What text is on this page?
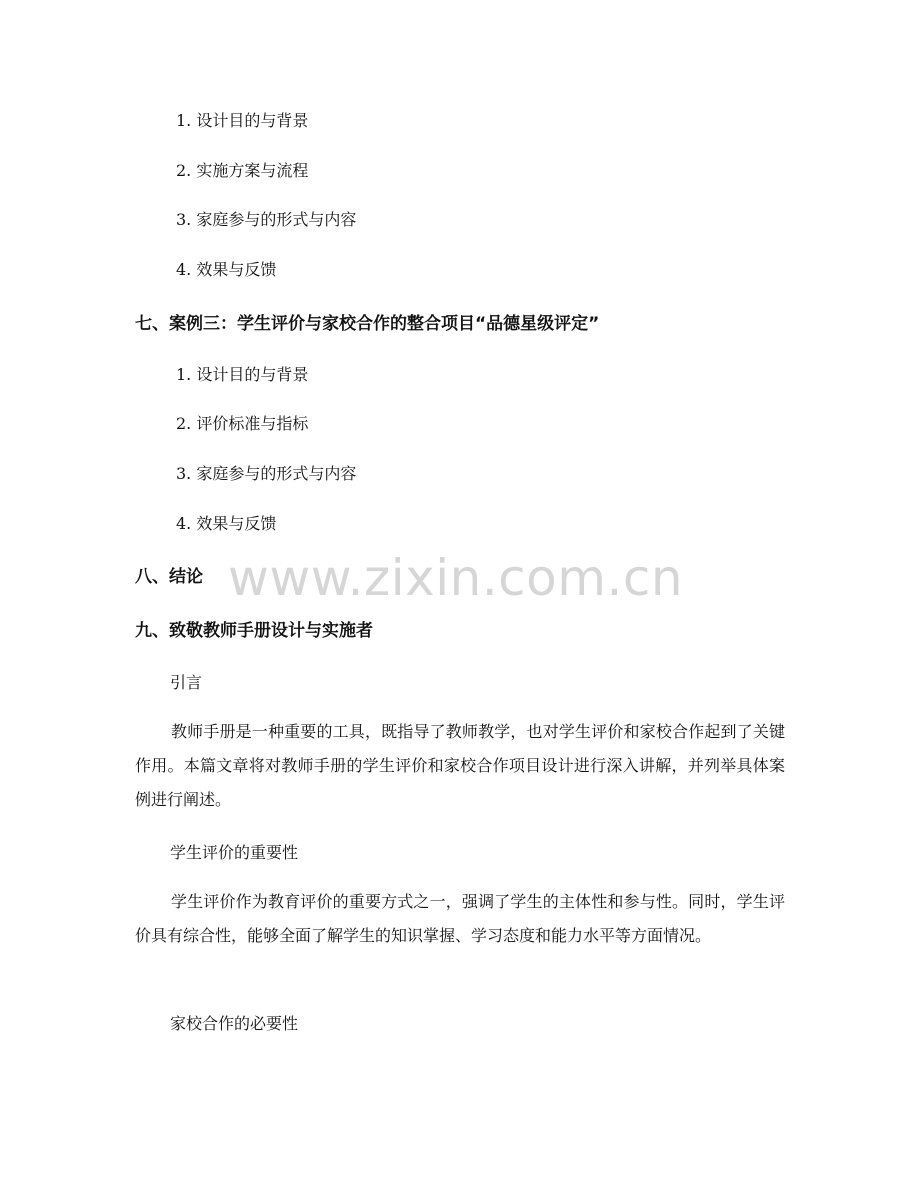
1. 设计目的与背景
2. 实施方案与流程
3. 家庭参与的形式与内容
4. 效果与反馈
七、案例三：学生评价与家校合作的整合项目“品德星级评定”
1. 设计目的与背景
2. 评价标准与指标
3. 家庭参与的形式与内容
4. 效果与反馈
八、结论
九、致敬教师手册设计与实施者
引言
教师手册是一种重要的工具，既指导了教师教学，也对学生评价和家校合作起到了关键作用。本篇文章将对教师手册的学生评价和家校合作项目设计进行深入讲解，并列举具体案例进行阐述。
学生评价的重要性
学生评价作为教育评价的重要方式之一，强调了学生的主体性和参与性。同时，学生评价具有综合性，能够全面了解学生的知识掌握、学习态度和能力水平等方面情况。
家校合作的必要性
www.zixin.com.cn
